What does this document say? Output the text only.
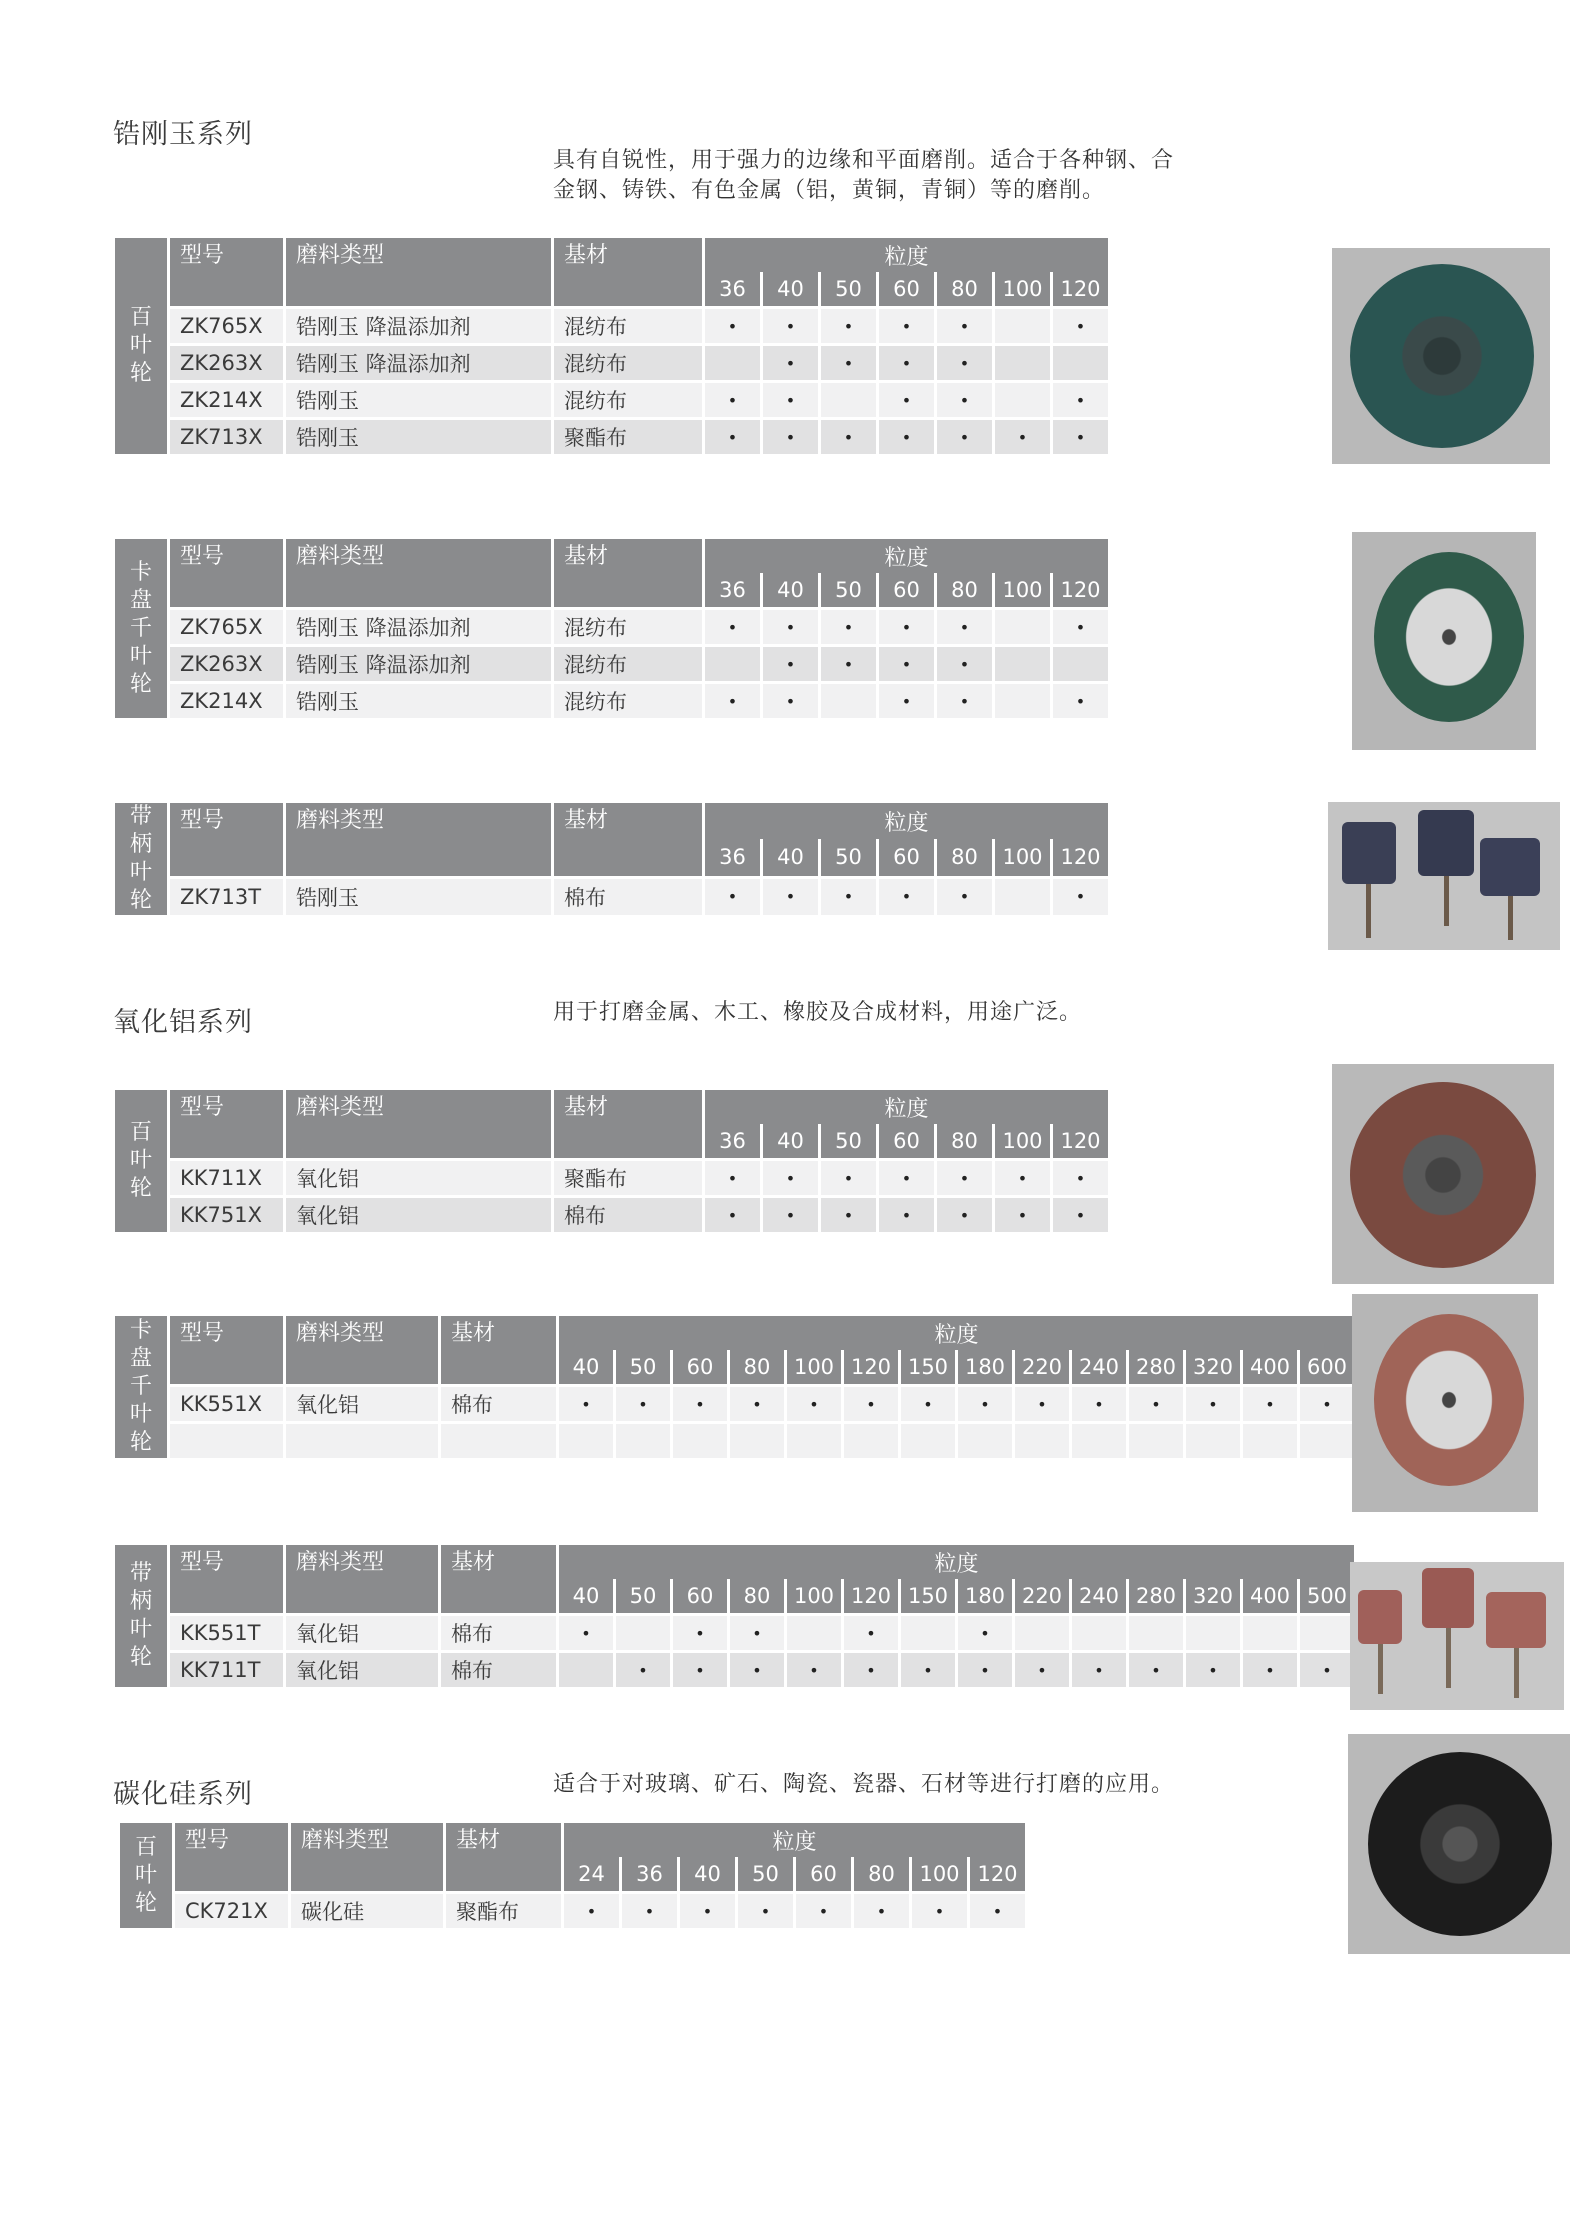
锆刚玉系列
具有自锐性，用于强力的边缘和平面磨削。适合于各种钢、合
金钢、铸铁、有色金属（铝，黄铜，青铜）等的磨削。
氧化铝系列	用于打磨金属、木工、橡胶及合成材料，用途广泛。
碳化硅系列	适合于对玻璃、矿石、陶瓷、瓷器、石材等进行打磨的应用。
百
叶
轮	型号	磨料类型	基材	粒度						
				36	40	50	60	80	100	120
	ZK765X	锆刚玉 降温添加剂	混纺布	•	•	•	•	•		•
	ZK263X	锆刚玉 降温添加剂	混纺布		•	•	•	•		
	ZK214X	锆刚玉	混纺布	•	•		•	•		•
	ZK713X	锆刚玉	聚酯布	•	•	•	•	•	•	•
卡
盘
千
叶
轮	型号	磨料类型	基材	粒度						
				36	40	50	60	80	100	120
	ZK765X	锆刚玉 降温添加剂	混纺布	•	•	•	•	•		•
	ZK263X	锆刚玉 降温添加剂	混纺布		•	•	•	•		
	ZK214X	锆刚玉	混纺布	•	•		•	•		•
带
柄
叶
轮	型号	磨料类型	基材	粒度						
				36	40	50	60	80	100	120
	ZK713T	锆刚玉	棉布	•	•	•	•	•		•
百
叶
轮	型号	磨料类型	基材	粒度						
				36	40	50	60	80	100	120
	KK711X	氧化铝	聚酯布	•	•	•	•	•	•	•
	KK751X	氧化铝	棉布	•	•	•	•	•	•	•
卡
盘
千
叶
轮	型号	磨料类型	基材	粒度													
				40	50	60	80	100	120	150	180	220	240	280	320	400	600
	KK551X	氧化铝	棉布	•	•	•	•	•	•	•	•	•	•	•	•	•	•

带
柄
叶
轮	型号	磨料类型	基材	粒度													
				40	50	60	80	100	120	150	180	220	240	280	320	400	500
	KK551T	氧化铝	棉布	•		•	•		•		•						
	KK711T	氧化铝	棉布		•	•	•	•	•	•	•	•	•	•	•	•	•
百
叶
轮	型号	磨料类型	基材	粒度							
				24	36	40	50	60	80	100	120
	CK721X	碳化硅	聚酯布	•	•	•	•	•	•	•	•
